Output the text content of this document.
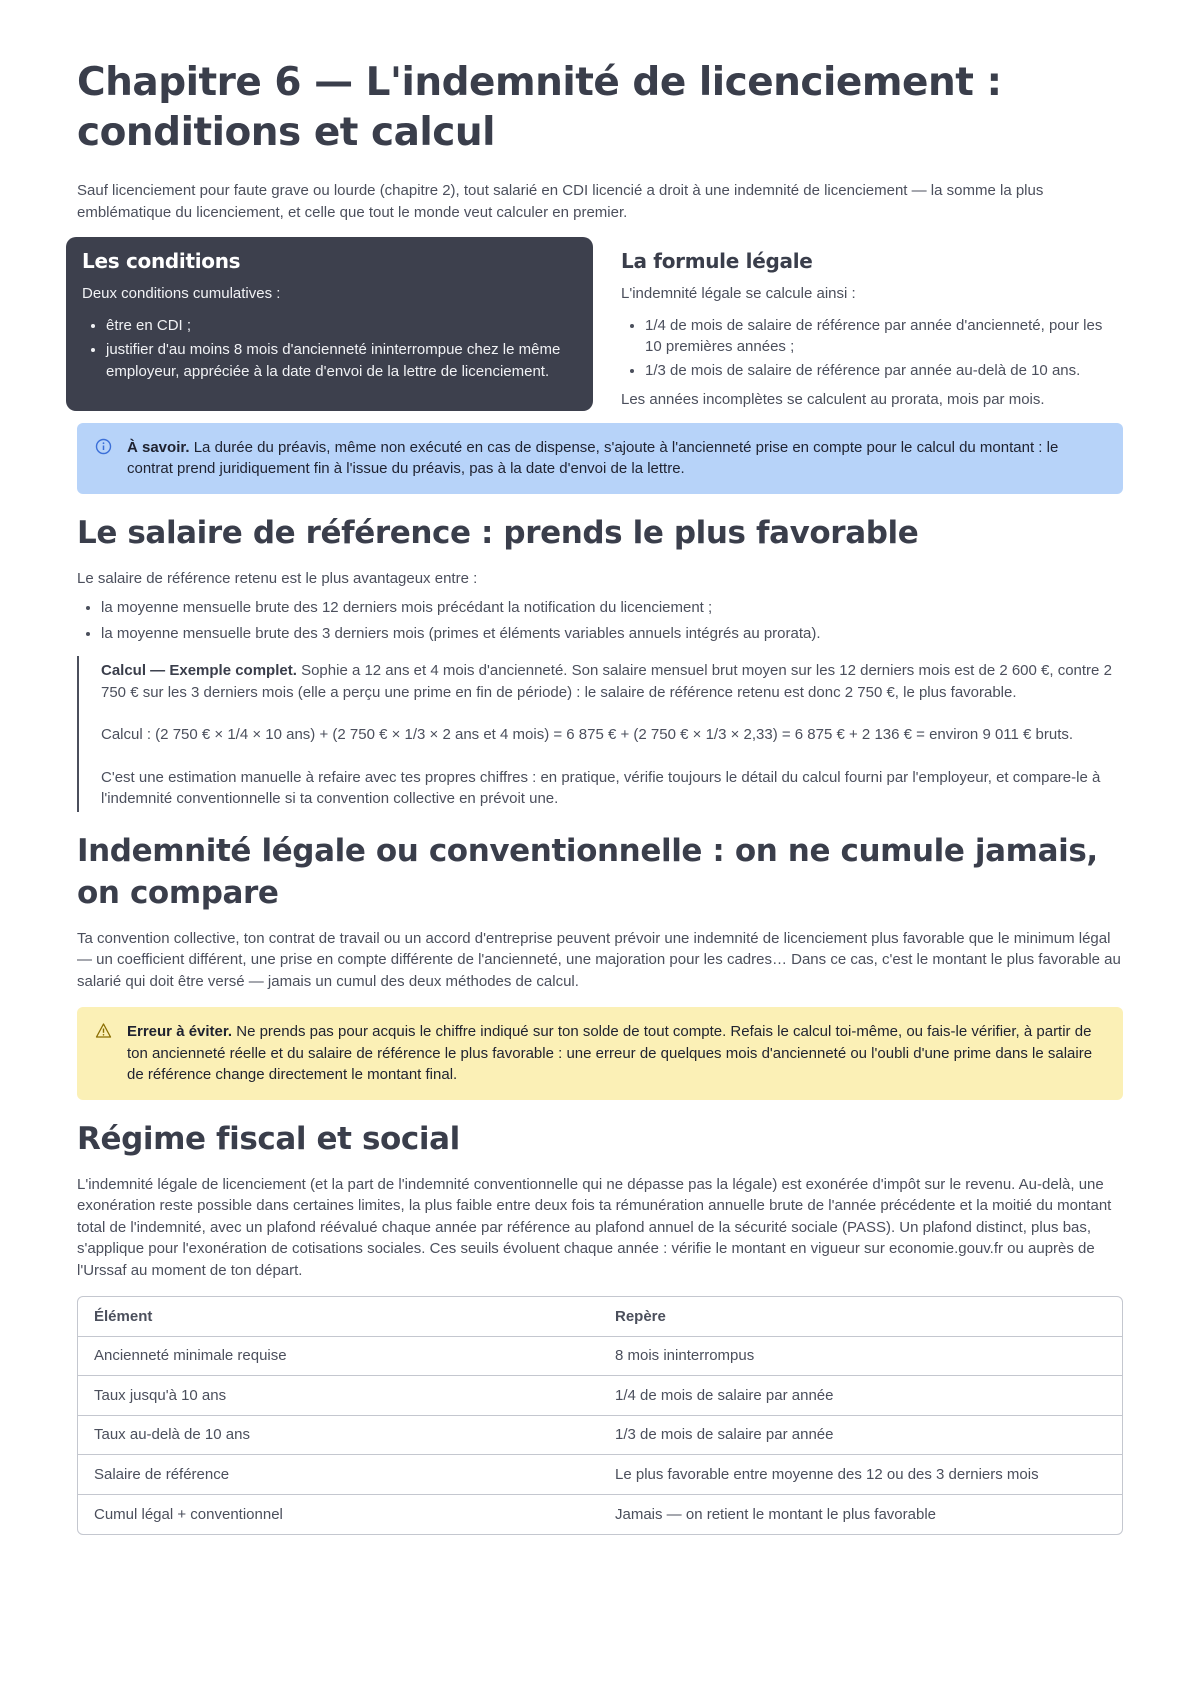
Chapitre 6 — L'indemnité de licenciement : conditions et calcul

Sauf licenciement pour faute grave ou lourde (chapitre 2), tout salarié en CDI licencié a droit à une indemnité de licenciement — la somme la plus emblématique du licenciement, et celle que tout le monde veut calculer en premier.

Les conditions

Deux conditions cumulatives :

• être en CDI ;
• justifier d'au moins 8 mois d'ancienneté ininterrompue chez le même employeur, appréciée à la date d'envoi de la lettre de licenciement.
La formule légale

L'indemnité légale se calcule ainsi :

• 1/4 de mois de salaire de référence par année d'ancienneté, pour les 10 premières années ;
• 1/3 de mois de salaire de référence par année au-delà de 10 ans.

Les années incomplètes se calculent au prorata, mois par mois.

À savoir. La durée du préavis, même non exécuté en cas de dispense, s'ajoute à l'ancienneté prise en compte pour le calcul du montant : le contrat prend juridiquement fin à l'issue du préavis, pas à la date d'envoi de la lettre.

Le salaire de référence : prends le plus favorable

Le salaire de référence retenu est le plus avantageux entre :

• la moyenne mensuelle brute des 12 derniers mois précédant la notification du licenciement ;
• la moyenne mensuelle brute des 3 derniers mois (primes et éléments variables annuels intégrés au prorata).

Calcul — Exemple complet. Sophie a 12 ans et 4 mois d'ancienneté. Son salaire mensuel brut moyen sur les 12 derniers mois est de 2 600 €, contre 2 750 € sur les 3 derniers mois (elle a perçu une prime en fin de période) : le salaire de référence retenu est donc 2 750 €, le plus favorable.

Calcul : (2 750 € × 1/4 × 10 ans) + (2 750 € × 1/3 × 2 ans et 4 mois) = 6 875 € + (2 750 € × 1/3 × 2,33) = 6 875 € + 2 136 € = environ 9 011 € bruts.

C'est une estimation manuelle à refaire avec tes propres chiffres : en pratique, vérifie toujours le détail du calcul fourni par l'employeur, et compare-le à l'indemnité conventionnelle si ta convention collective en prévoit une.

Indemnité légale ou conventionnelle : on ne cumule jamais, on compare

Ta convention collective, ton contrat de travail ou un accord d'entreprise peuvent prévoir une indemnité de licenciement plus favorable que le minimum légal — un coefficient différent, une prise en compte différente de l'ancienneté, une majoration pour les cadres… Dans ce cas, c'est le montant le plus favorable au salarié qui doit être versé — jamais un cumul des deux méthodes de calcul.

Erreur à éviter. Ne prends pas pour acquis le chiffre indiqué sur ton solde de tout compte. Refais le calcul toi-même, ou fais-le vérifier, à partir de ton ancienneté réelle et du salaire de référence le plus favorable : une erreur de quelques mois d'ancienneté ou l'oubli d'une prime dans le salaire de référence change directement le montant final.

Régime fiscal et social

L'indemnité légale de licenciement (et la part de l'indemnité conventionnelle qui ne dépasse pas la légale) est exonérée d'impôt sur le revenu. Au-delà, une exonération reste possible dans certaines limites, la plus faible entre deux fois ta rémunération annuelle brute de l'année précédente et la moitié du montant total de l'indemnité, avec un plafond réévalué chaque année par référence au plafond annuel de la sécurité sociale (PASS). Un plafond distinct, plus bas, s'applique pour l'exonération de cotisations sociales. Ces seuils évoluent chaque année : vérifie le montant en vigueur sur economie.gouv.fr ou auprès de l'Urssaf au moment de ton départ.

Élément	Repère
Ancienneté minimale requise	8 mois ininterrompus
Taux jusqu'à 10 ans	1/4 de mois de salaire par année
Taux au-delà de 10 ans	1/3 de mois de salaire par année
Salaire de référence	Le plus favorable entre moyenne des 12 ou des 3 derniers mois
Cumul légal + conventionnel	Jamais — on retient le montant le plus favorable
